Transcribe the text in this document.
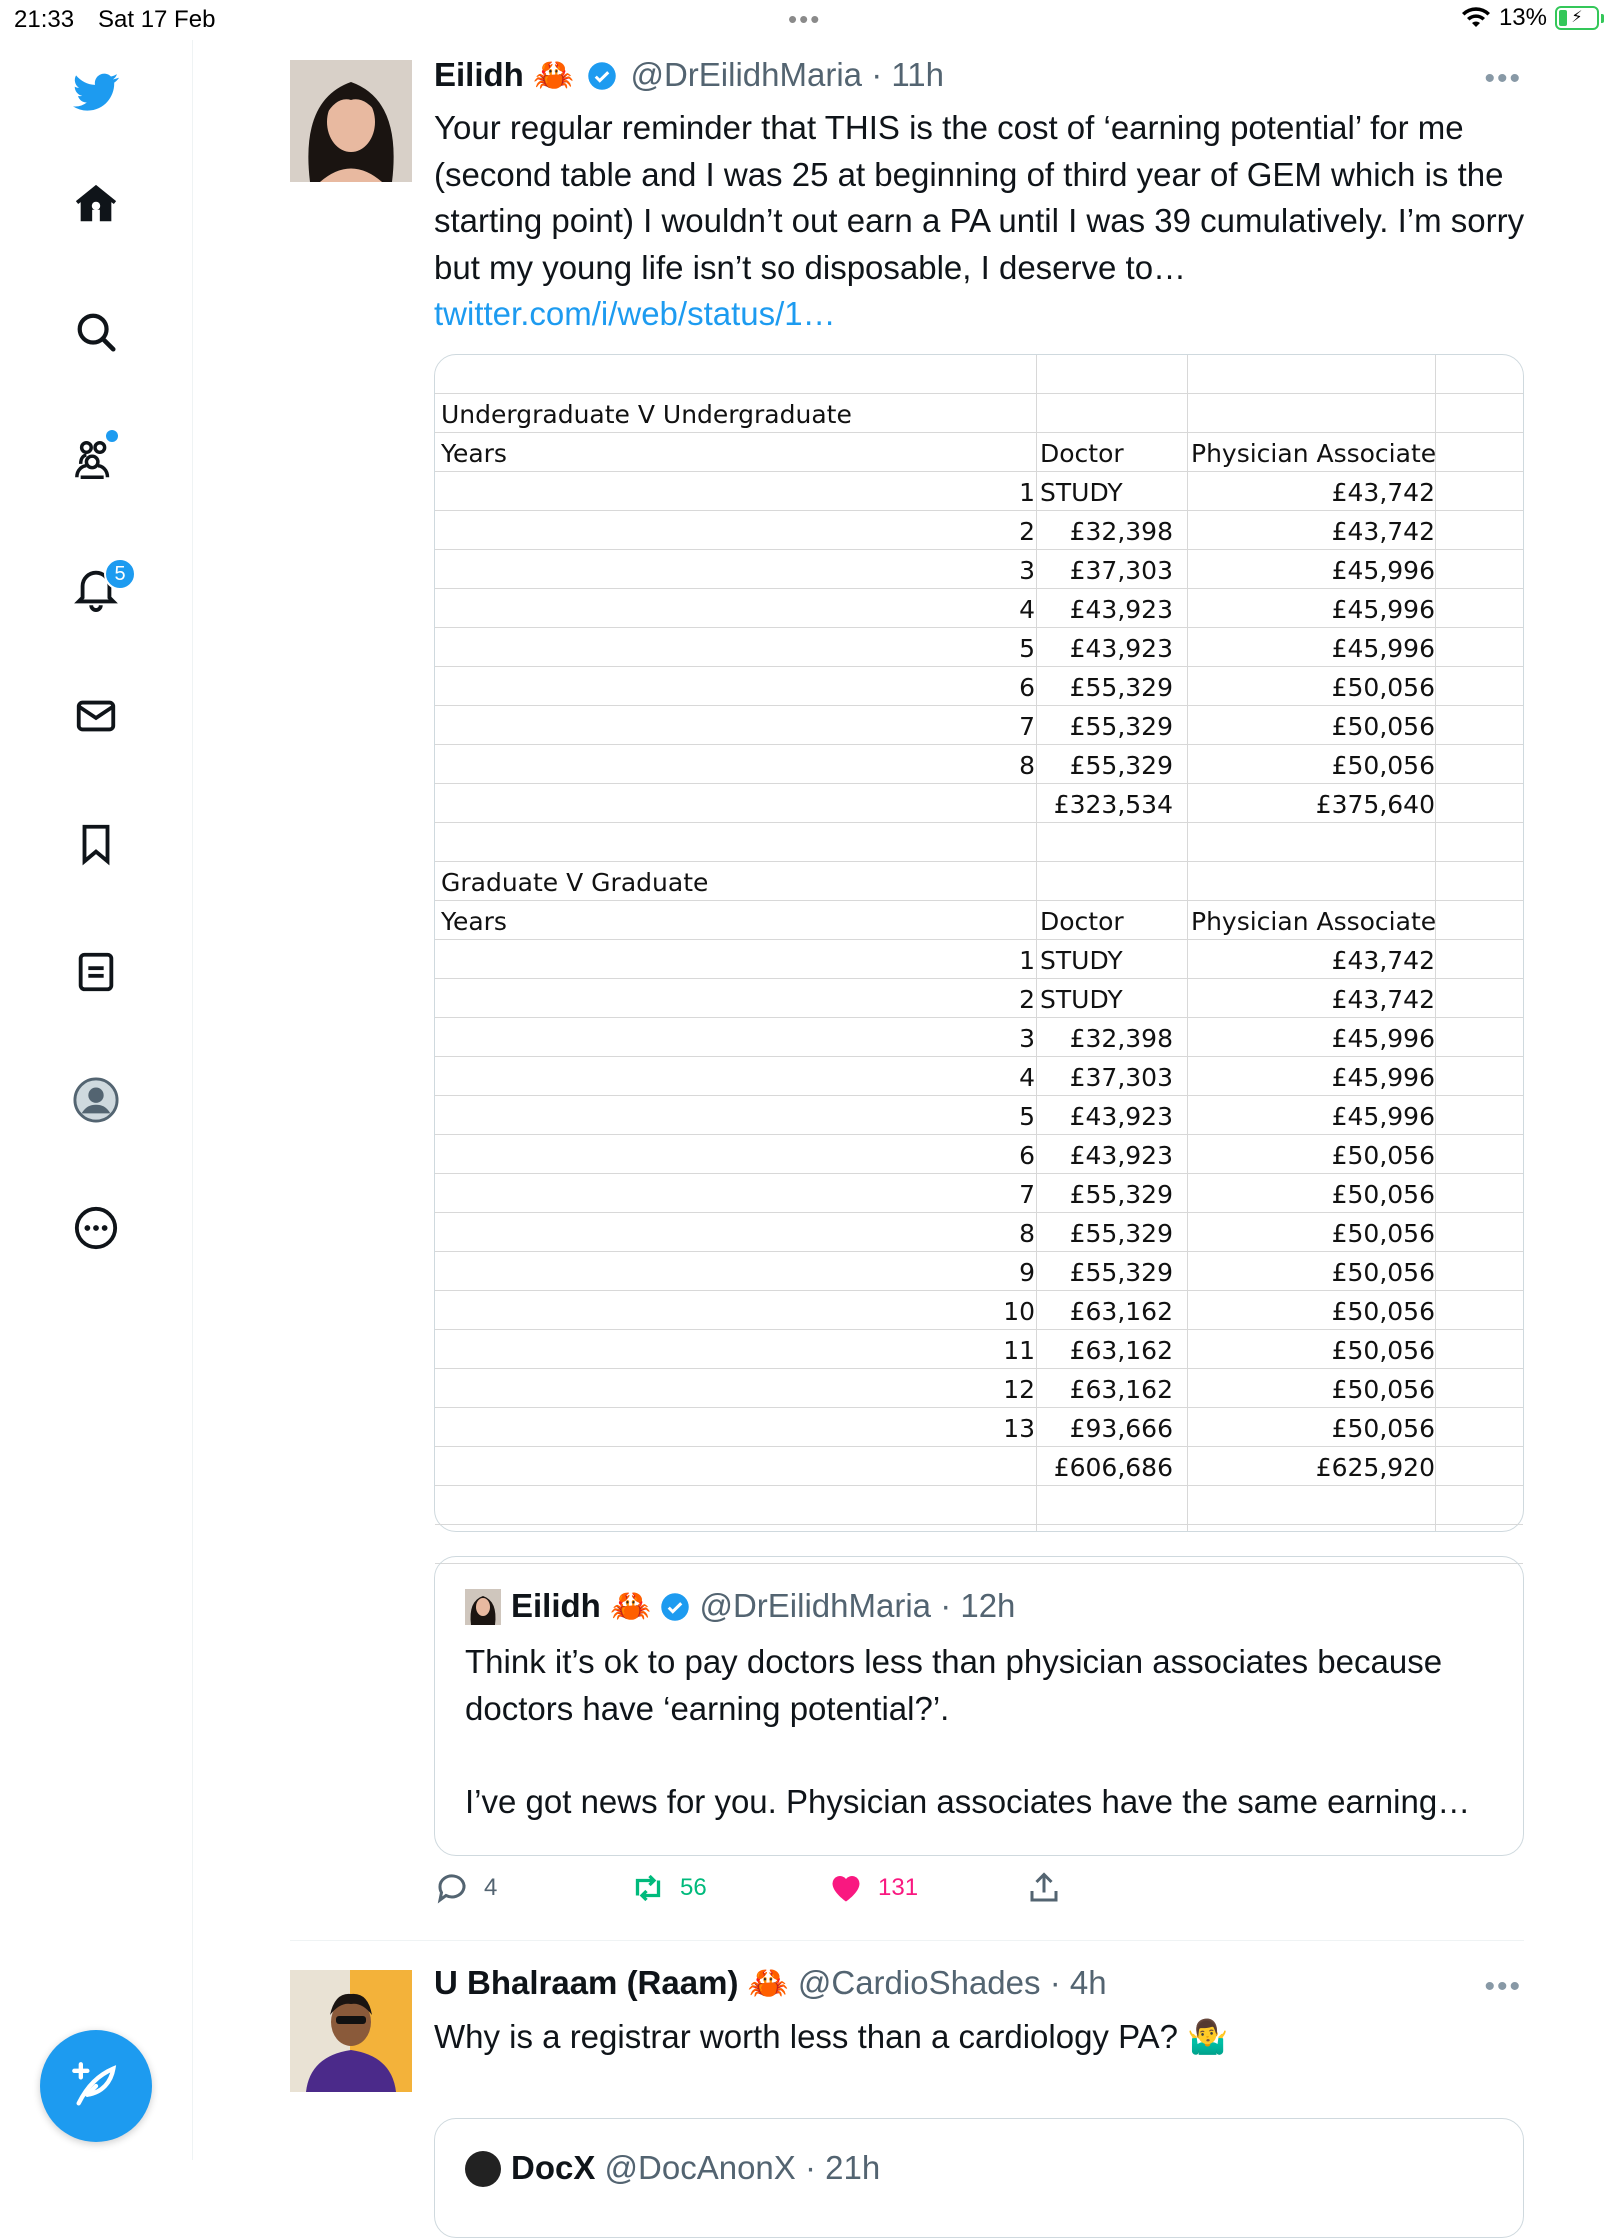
21:33 Sat 17 Feb	•••	13% ⚡
5
Eilidh 🦀 @DrEilidhMaria · 11h	•••
Your regular reminder that THIS is the cost of ‘earning potential’ for me (second table and I was 25 at beginning of third year of GEM which is the starting point) I wouldn’t out earn a PA until I was 39 cumulatively. I’m sorry but my young life isn’t so disposable, I deserve to…
twitter.com/i/web/status/1…
Undergraduate V Undergraduate
Years	Doctor	Physician Associate
1 STUDY	£43,742
2 £32,398	£43,742
3 £37,303	£45,996
4 £43,923	£45,996
5 £43,923	£45,996
6 £55,329	£50,056
7 £55,329	£50,056
8 £55,329	£50,056
£323,534	£375,640
Graduate V Graduate
Years	Doctor	Physician Associate
1 STUDY	£43,742
2 STUDY	£43,742
3 £32,398	£45,996
4 £37,303	£45,996
5 £43,923	£45,996
6 £43,923	£50,056
7 £55,329	£50,056
8 £55,329	£50,056
9 £55,329	£50,056
10 £63,162	£50,056
11 £63,162	£50,056
12 £63,162	£50,056
13 £93,666	£50,056
£606,686	£625,920
Eilidh 🦀 @DrEilidhMaria · 12h
Think it’s ok to pay doctors less than physician associates because doctors have ‘earning potential?’.

I’ve got news for you. Physician associates have the same earning…
4	56	131
U Bhalraam (Raam) 🦀 @CardioShades · 4h	•••
Why is a registrar worth less than a cardiology PA? 🤷‍♂️
DocX @DocAnonX · 21h
